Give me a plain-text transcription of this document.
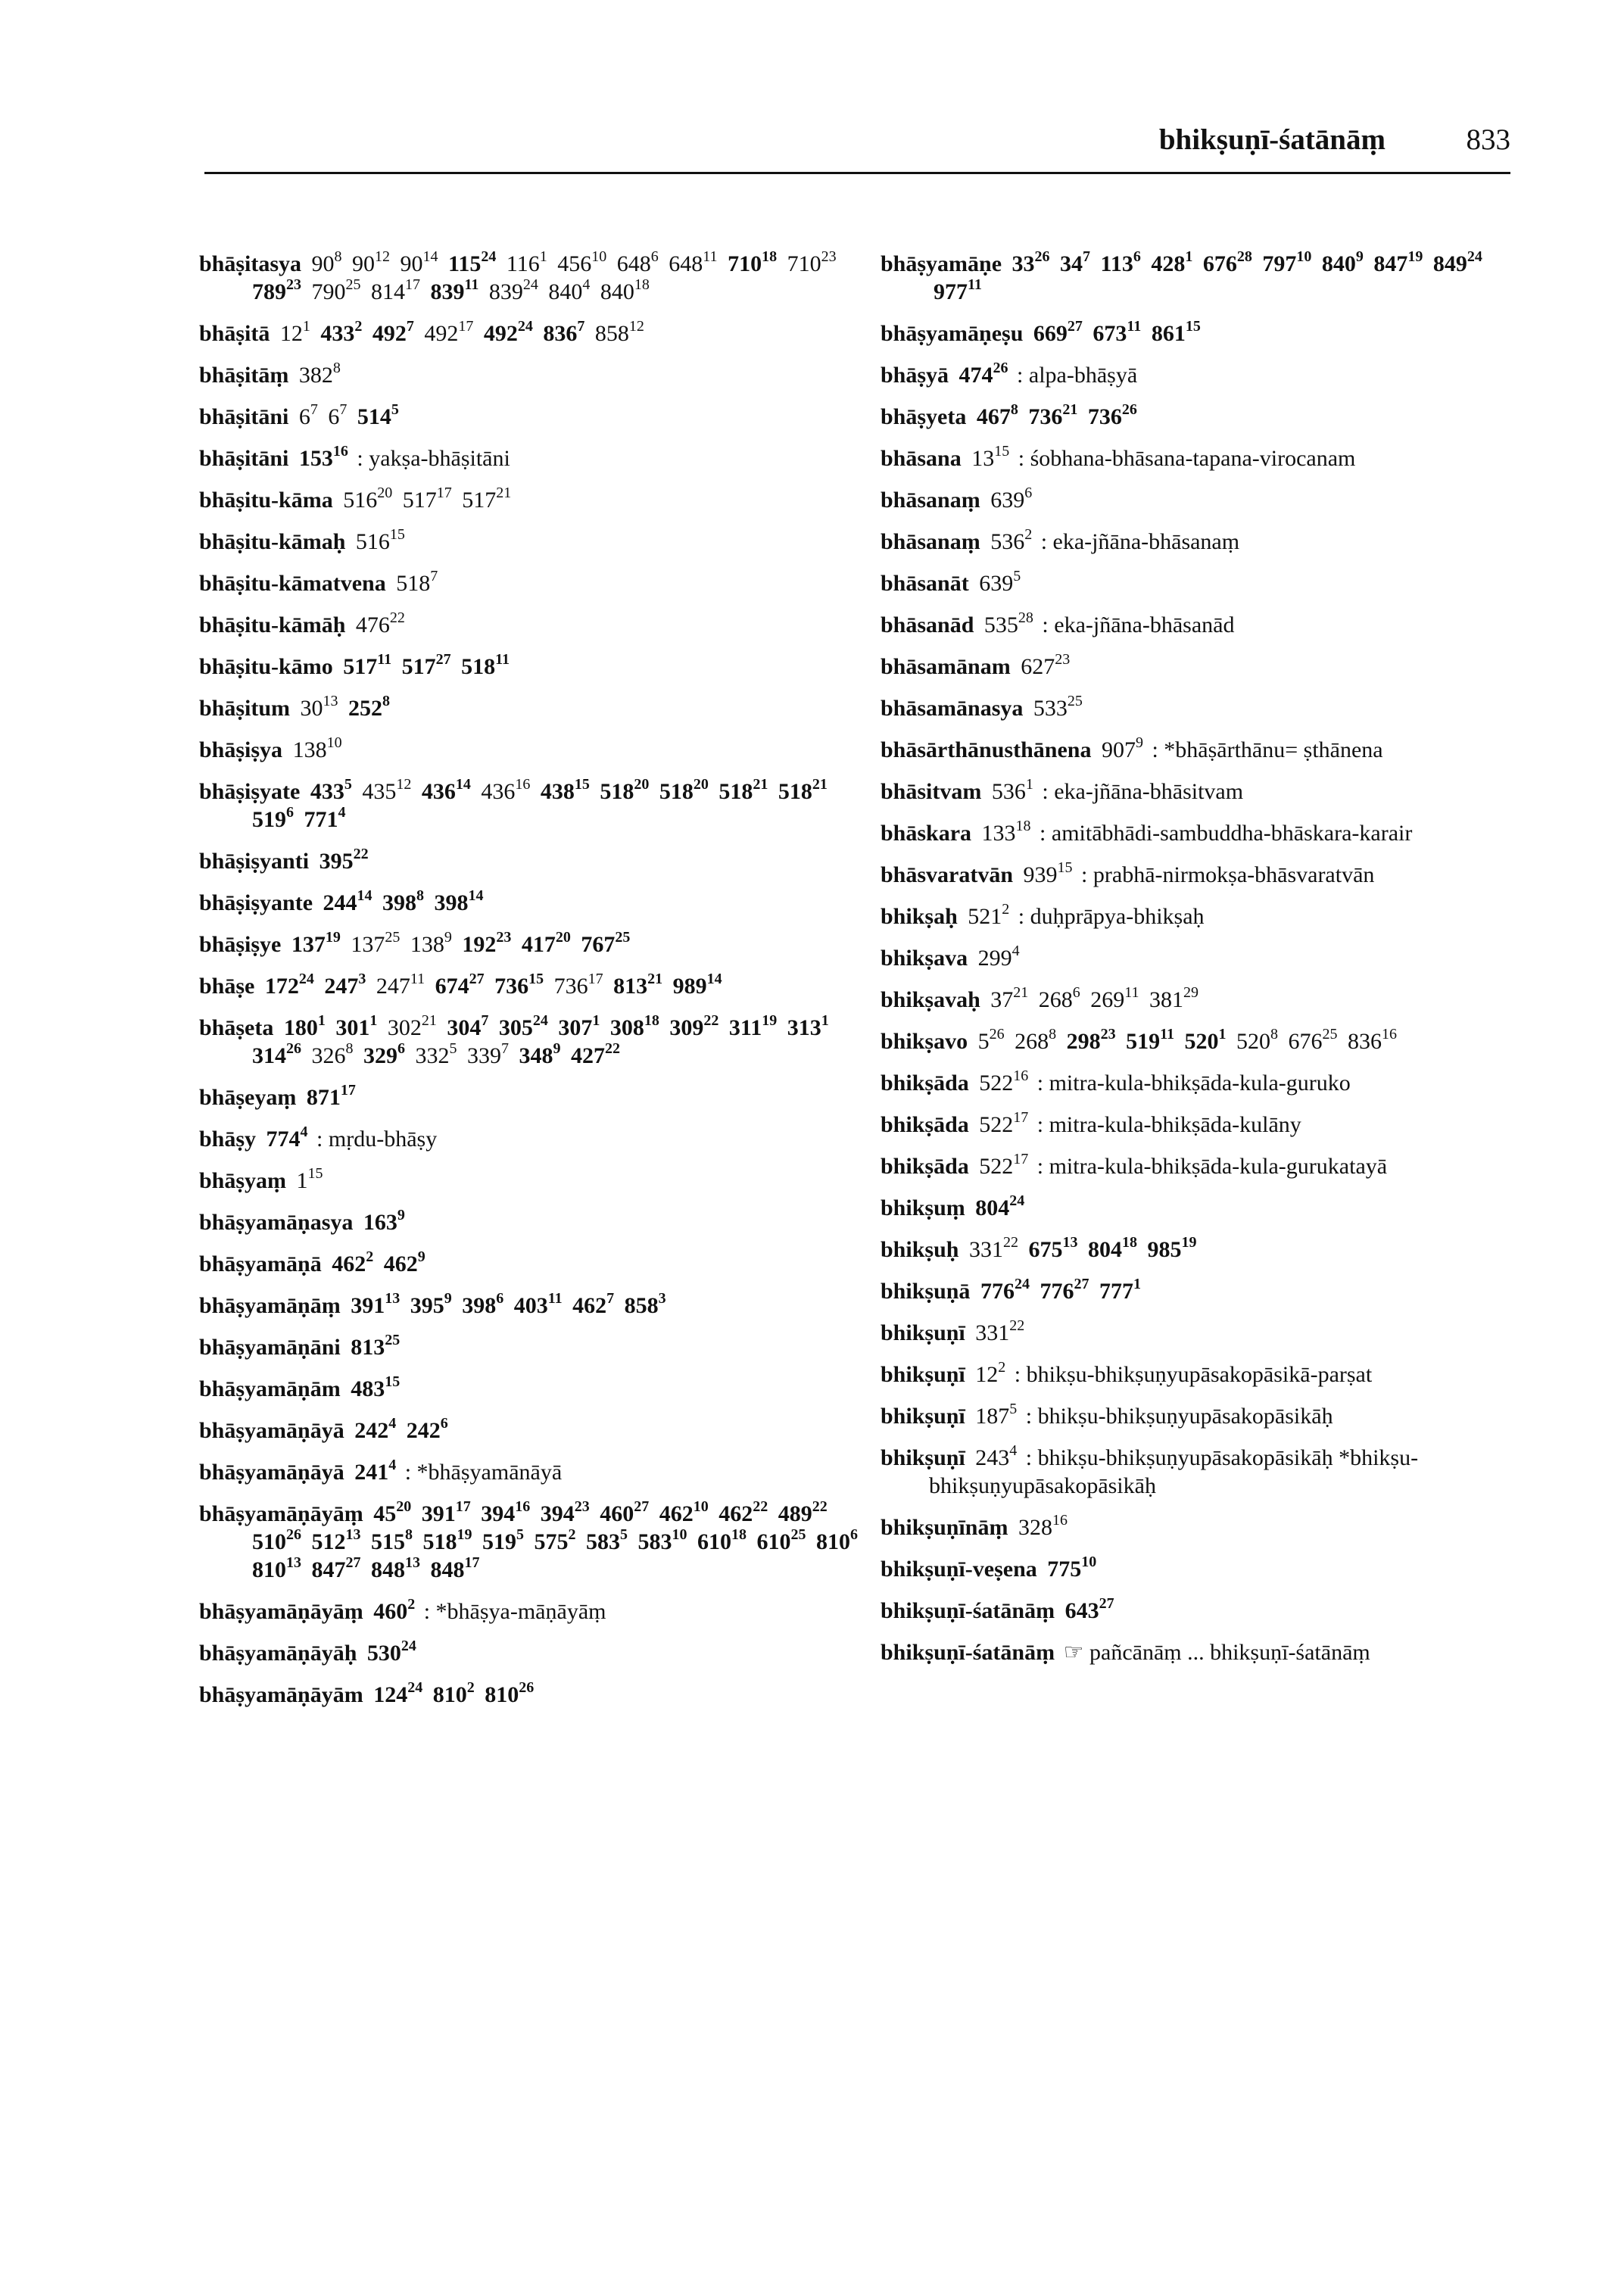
bhikṣuṇī-śatānāṃ	833
bhāṣitasya $90^8$ $90^{12}$ $90^{14}$ $115^{24}$ $116^1$ $456^{10}$ $648^6$ $648^{11}$ $710^{18}$ $710^{23}$ $789^{23}$ $790^{25}$ $814^{17}$ $839^{11}$ $839^{24}$ $840^4$ $840^{18}$
bhāṣitā $12^1$ $433^2$ $492^7$ $492^{17}$ $492^{24}$ $836^7$ $858^{12}$
bhāṣitāṃ $382^8$
bhāṣitāni $6^7$ $6^7$ $514^5$
bhāṣitāni $153^{16}$ : yakṣa-bhāṣitāni
bhāṣitu-kāma $516^{20}$ $517^{17}$ $517^{21}$
bhāṣitu-kāmaḥ $516^{15}$
bhāṣitu-kāmatvena $518^7$
bhāṣitu-kāmāḥ $476^{22}$
bhāṣitu-kāmo $517^{11}$ $517^{27}$ $518^{11}$
bhāṣitum $30^{13}$ $252^8$
bhāṣiṣya $138^{10}$
bhāṣiṣyate $433^5$ $435^{12}$ $436^{14}$ $436^{16}$ $438^{15}$ $518^{20}$ $518^{20}$ $518^{21}$ $518^{21}$ $519^6$ $771^4$
bhāṣiṣyanti $395^{22}$
bhāṣiṣyante $244^{14}$ $398^8$ $398^{14}$
bhāṣiṣye $137^{19}$ $137^{25}$ $138^9$ $192^{23}$ $417^{20}$ $767^{25}$
bhāṣe $172^{24}$ $247^3$ $247^{11}$ $674^{27}$ $736^{15}$ $736^{17}$ $813^{21}$ $989^{14}$
bhāṣeta $180^1$ $301^1$ $302^{21}$ $304^7$ $305^{24}$ $307^1$ $308^{18}$ $309^{22}$ $311^{19}$ $313^1$ $314^{26}$ $326^8$ $329^6$ $332^5$ $339^7$ $348^9$ $427^{22}$
bhāṣeyaṃ $871^{17}$
bhāṣy $774^4$ : mṛdu-bhāṣy
bhāṣyaṃ $1^{15}$
bhāṣyamāṇasya $163^9$
bhāṣyamāṇā $462^2$ $462^9$
bhāṣyamāṇāṃ $391^{13}$ $395^9$ $398^6$ $403^{11}$ $462^7$ $858^3$
bhāṣyamāṇāni $813^{25}$
bhāṣyamāṇām $483^{15}$
bhāṣyamāṇāyā $242^4$ $242^6$
bhāṣyamāṇāyā $241^4$ : *bhāṣyamānāyā
bhāṣyamāṇāyāṃ $45^{20}$ $391^{17}$ $394^{16}$ $394^{23}$ $460^{27}$ $462^{10}$ $462^{22}$ $489^{22}$ $510^{26}$ $512^{13}$ $515^8$ $518^{19}$ $519^5$ $575^2$ $583^5$ $583^{10}$ $610^{18}$ $610^{25}$ $810^6$ $810^{13}$ $847^{27}$ $848^{13}$ $848^{17}$
bhāṣyamāṇāyāṃ $460^2$ : *bhāṣya-māṇāyāṃ
bhāṣyamāṇāyāḥ $530^{24}$
bhāṣyamāṇāyām $124^{24}$ $810^2$ $810^{26}$
bhāṣyamāṇe $33^{26}$ $34^7$ $113^6$ $428^1$ $676^{28}$ $797^{10}$ $840^9$ $847^{19}$ $849^{24}$ $977^{11}$
bhāṣyamāṇeṣu $669^{27}$ $673^{11}$ $861^{15}$
bhāṣyā $474^{26}$ : alpa-bhāṣyā
bhāṣyeta $467^8$ $736^{21}$ $736^{26}$
bhāsana $13^{15}$ : śobhana-bhāsana-tapana-virocanam
bhāsanaṃ $639^6$
bhāsanaṃ $536^2$ : eka-jñāna-bhāsanaṃ
bhāsanāt $639^5$
bhāsanād $535^{28}$ : eka-jñāna-bhāsanād
bhāsamānam $627^{23}$
bhāsamānasya $533^{25}$
bhāsārthānusthānena $907^9$ : *bhāṣārthānu= ṣthānena
bhāsitvam $536^1$ : eka-jñāna-bhāsitvam
bhāskara $133^{18}$ : amitābhādi-sambuddha-bhāskara-karair
bhāsvaratvān $939^{15}$ : prabhā-nirmokṣa-bhāsvaratvān
bhikṣaḥ $521^2$ : duḥprāpya-bhikṣaḥ
bhikṣava $299^4$
bhikṣavaḥ $37^{21}$ $268^6$ $269^{11}$ $381^{29}$
bhikṣavo $5^{26}$ $268^8$ $298^{23}$ $519^{11}$ $520^1$ $520^8$ $676^{25}$ $836^{16}$
bhikṣāda $522^{16}$ : mitra-kula-bhikṣāda-kula-guruko
bhikṣāda $522^{17}$ : mitra-kula-bhikṣāda-kulāny
bhikṣāda $522^{17}$ : mitra-kula-bhikṣāda-kula-gurukatayā
bhikṣuṃ $804^{24}$
bhikṣuḥ $331^{22}$ $675^{13}$ $804^{18}$ $985^{19}$
bhikṣuṇā $776^{24}$ $776^{27}$ $777^1$
bhikṣuṇī $331^{22}$
bhikṣuṇī $12^2$ : bhikṣu-bhikṣuṇyupāsakopāsikā-parṣat
bhikṣuṇī $187^5$ : bhikṣu-bhikṣuṇyupāsakopāsikāḥ
bhikṣuṇī $243^4$ : bhikṣu-bhikṣuṇyupāsakopāsikāḥ *bhikṣu-bhikṣuṇyupāsakopāsikāḥ
bhikṣuṇīnāṃ $328^{16}$
bhikṣuṇī-veṣena $775^{10}$
bhikṣuṇī-śatānāṃ $643^{27}$
bhikṣuṇī-śatānāṃ ☞ pañcānāṃ ... bhikṣuṇī-śatānāṃ
